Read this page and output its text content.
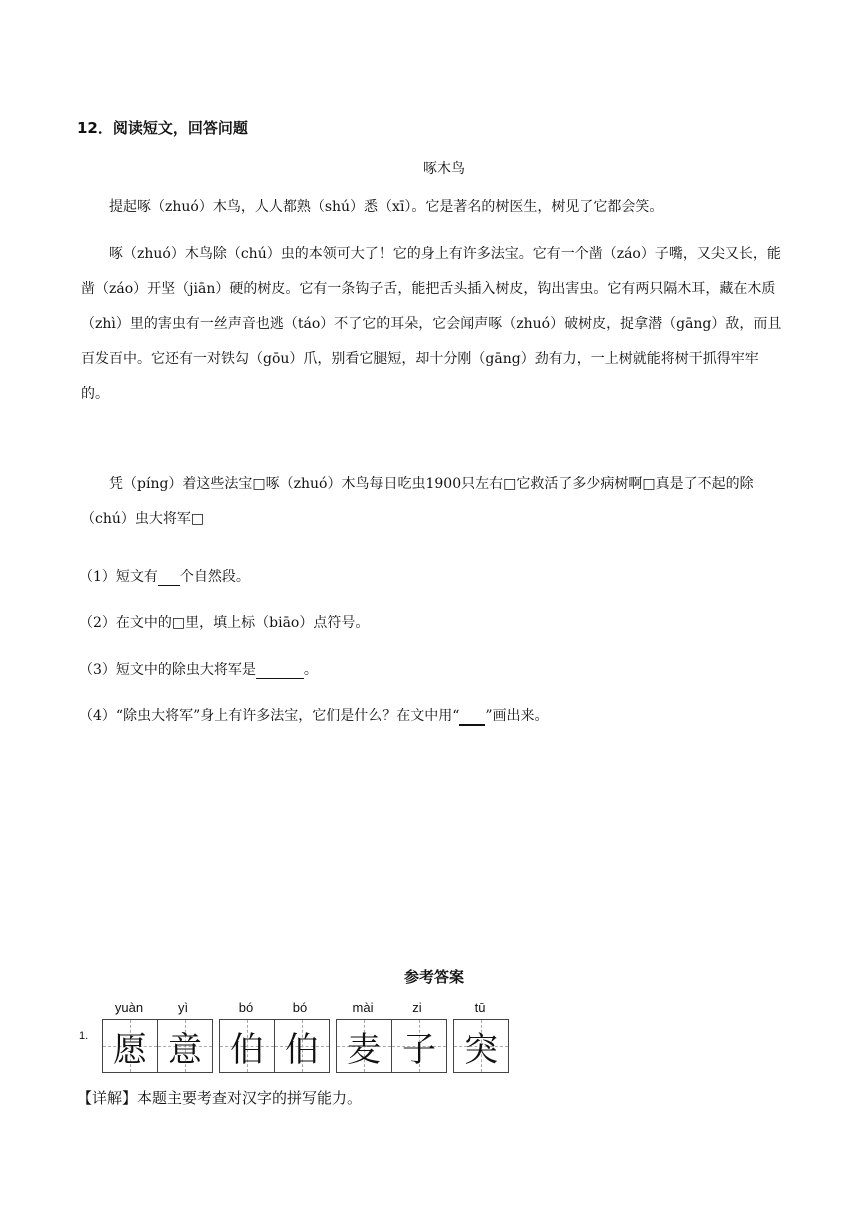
12．阅读短文，回答问题
啄木鸟
提起啄（zhuó）木鸟，人人都熟（shú）悉（xī）。它是著名的树医生，树见了它都会笑。
啄（zhuó）木鸟除（chú）虫的本领可大了！它的身上有许多法宝。它有一个凿（záo）子嘴，又尖又长，能凿（záo）开坚（jiān）硬的树皮。它有一条钩子舌，能把舌头插入树皮，钩出害虫。它有两只隔木耳，藏在木质（zhì）里的害虫有一丝声音也逃（táo）不了它的耳朵，它会闻声啄（zhuó）破树皮，捉拿潜（gāng）敌，而且百发百中。它还有一对铁勾（gōu）爪，别看它腿短，却十分刚（gāng）劲有力，一上树就能将树干抓得牢牢的。
凭（píng）着这些法宝□啄（zhuó）木鸟每日吃虫1900只左右□它救活了多少病树啊□真是了不起的除（chú）虫大将军□
（1）短文有 个自然段。
（2）在文中的□里，填上标（biāo）点符号。
（3）短文中的除虫大将军是	。
（4）“除虫大将军”身上有许多法宝，它们是什么？在文中用“ ”画出来。
参考答案
1.
yuàn	yì	bó	bó	mài	zi	tū
愿 意 伯 伯 麦 子 突
【详解】本题主要考查对汉字的拼写能力。
